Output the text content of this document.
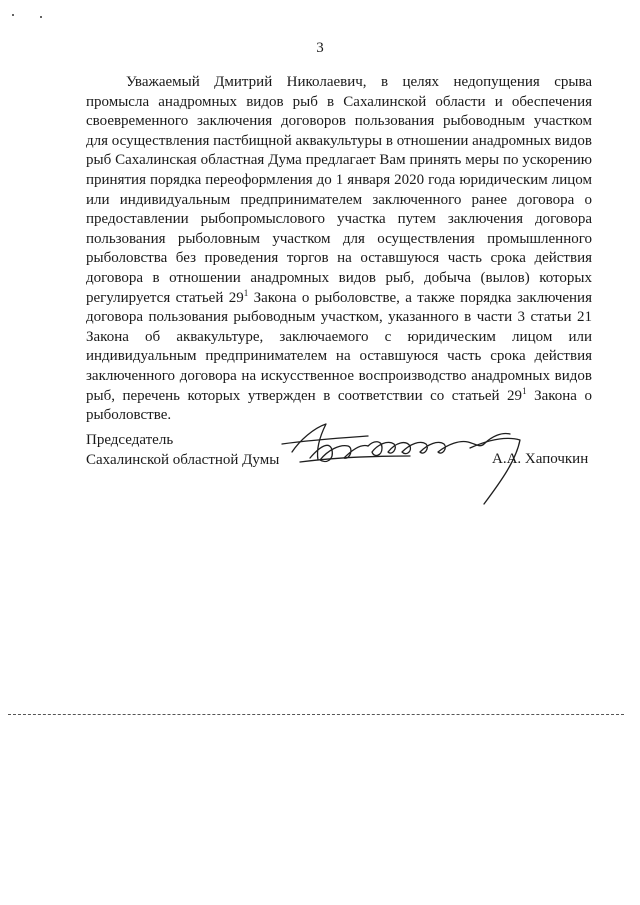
3
Уважаемый Дмитрий Николаевич, в целях недопущения срыва промысла анадромных видов рыб в Сахалинской области и обеспечения своевременного заключения договоров пользования рыбоводным участком для осуществления пастбищной аквакультуры в отношении анадромных видов рыб Сахалинская областная Дума предлагает Вам принять меры по ускорению принятия порядка переоформления до 1 января 2020 года юридическим лицом или индивидуальным предпринимателем заключенного ранее договора о предоставлении рыбопромыслового участка путем заключения договора пользования рыболовным участком для осуществления промышленного рыболовства без проведения торгов на оставшуюся часть срока действия договора в отношении анадромных видов рыб, добыча (вылов) которых регулируется статьей $29^1$ Закона о рыболовстве, а также порядка заключения договора пользования рыбоводным участком, указанного в части 3 статьи 21 Закона об аквакультуре, заключаемого с юридическим лицом или индивидуальным предпринимателем на оставшуюся часть срока действия заключенного договора на искусственное воспроизводство анадромных видов рыб, перечень которых утвержден в соответствии со статьей $29^1$ Закона о рыболовстве.
Председатель
Сахалинской областной Думы	А.А. Хапочкин
